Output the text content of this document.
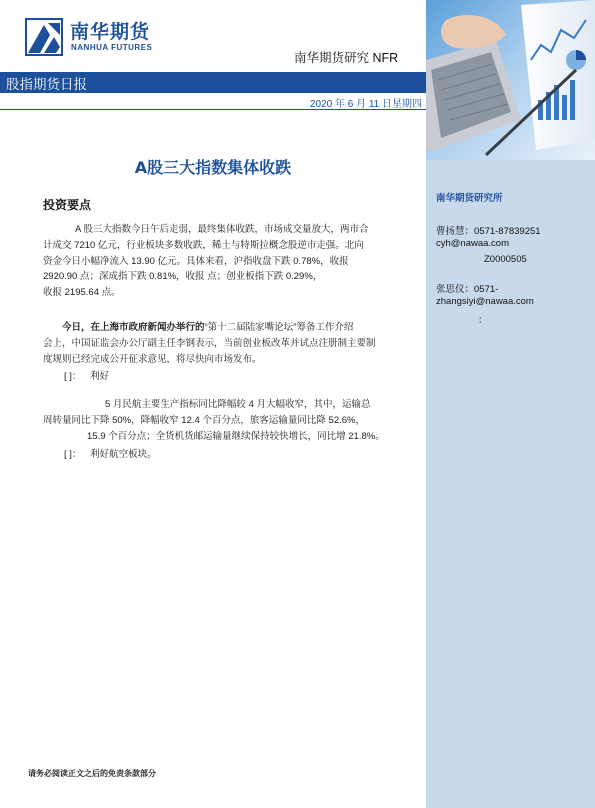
南华期货
NANHUA FUTURES
南华期货研究 NFR
股指期货日报
2020 年 6 月 11 日星期四
A股三大指数集体收跌
投资要点

A 股三大指数今日午后走弱，最终集体收跌，市场成交量放大，两市合

计成交 7210 亿元，行业板块多数收跌，稀土与特斯拉概念股逆市走强。北向

资金今日小幅净流入 13.90 亿元。具体来看，沪指收盘下跌 0.78%，收报

2920.90 点；深成指下跌 0.81%，收报 点；创业板指下跌 0.29%，

收报 2195.64 点。

今日，在上海市政府新闻办举行的“第十二届陆家嘴论坛”筹备工作介绍

会上，中国证监会办公厅副主任李钢表示，当前创业板改革并试点注册制主要制

度规则已经完成公开征求意见，将尽快向市场发布。

[ ]： 利好

5 月民航主要生产指标同比降幅较 4 月大幅收窄，其中，运输总

周转量同比下降 50%，降幅收窄 12.4 个百分点，旅客运输量同比降 52.6%，

15.9 个百分点；全货机货邮运输量继续保持较快增长，同比增 21.8%。

[ ]： 利好航空板块。
南华期货研究所
曹扬慧：0571-87839251
cyh@nawaa.com
Z0000505
张思仪：0571-
zhangsiyi@nawaa.com
：
请务必阅读正文之后的免责条款部分
